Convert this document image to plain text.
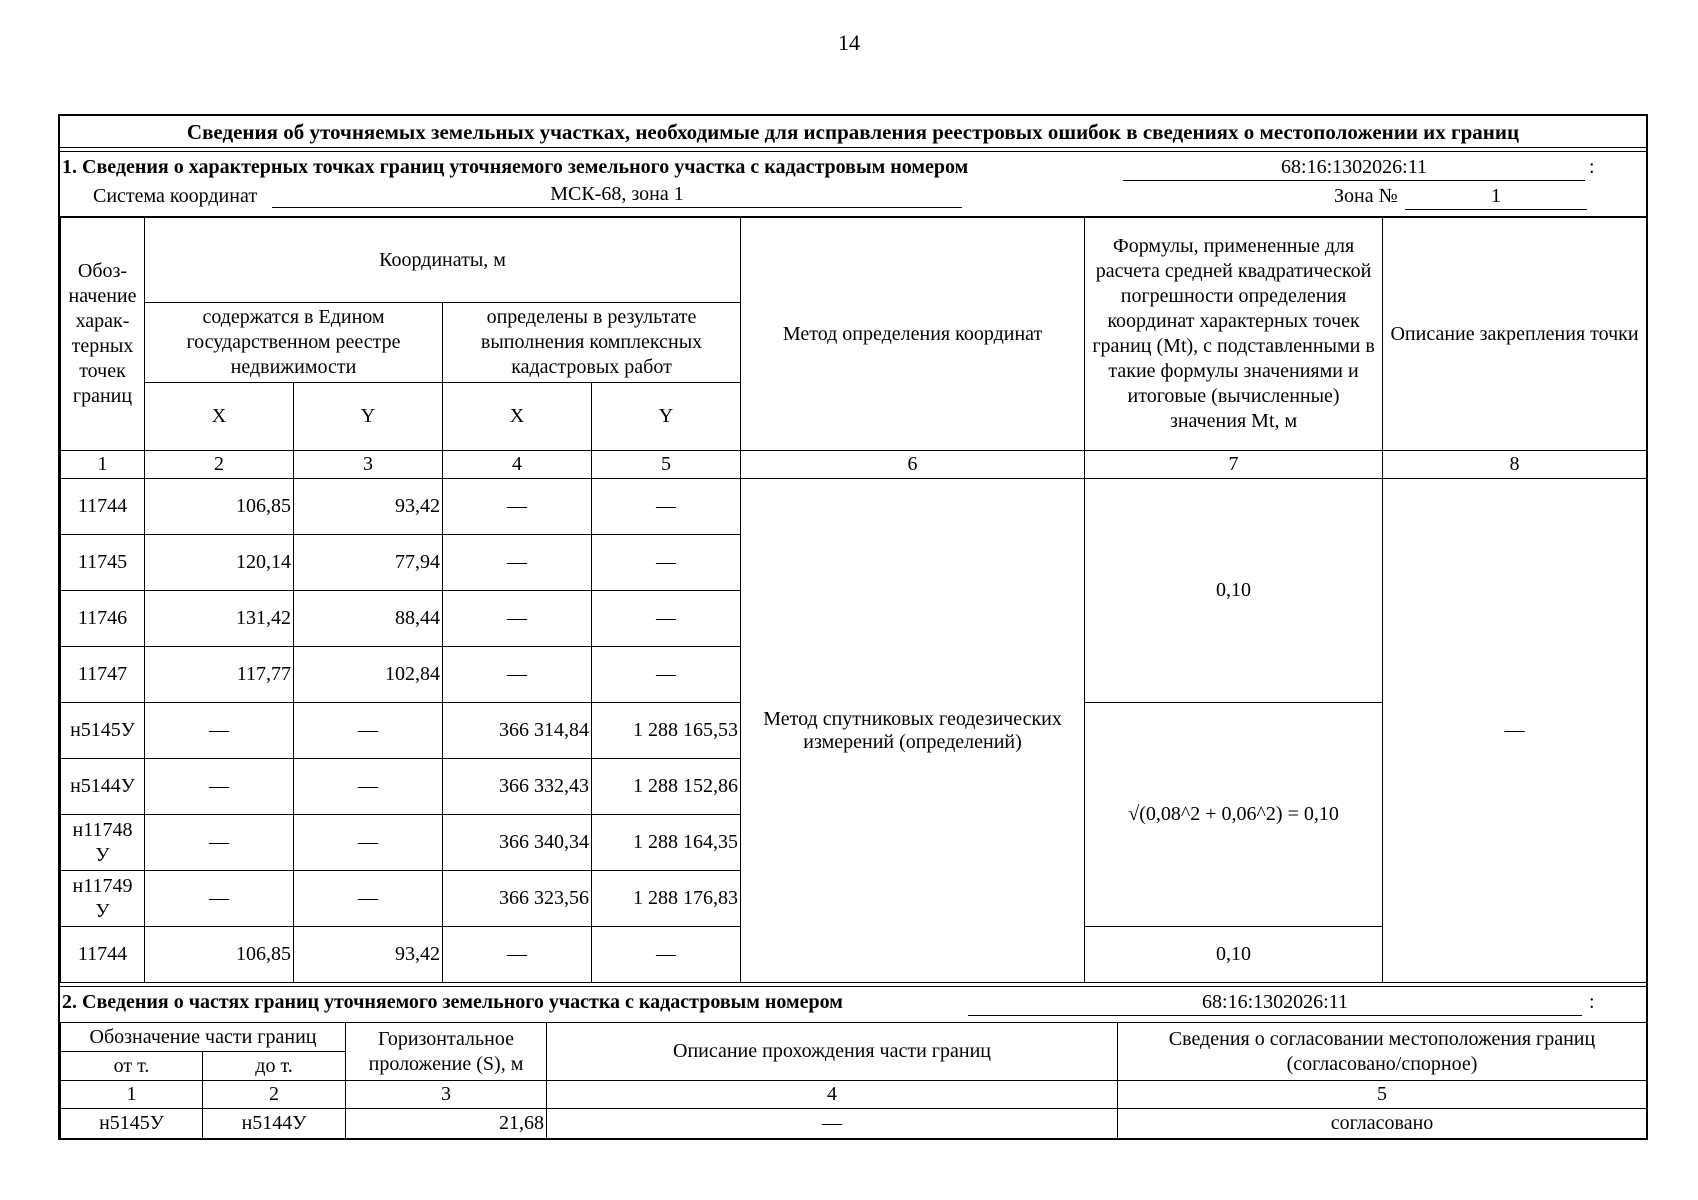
14
Сведения об уточняемых земельных участках, необходимые для исправления реестровых ошибок в сведениях о местоположении их границ
1. Сведения о характерных точках границ уточняемого земельного участка с кадастровым номером	68:16:1302026:11	:
Система координат	МСК-68, зона 1	Зона №	1
Обоз-начение харак-терных точек границ	Координаты, м				Метод определения координат	Формулы, примененные для расчета средней квадратической погрешности определения координат характерных точек границ (Mt), с подставленными в такие формулы значениями и итоговые (вычисленные) значения Mt, м	Описание закрепления точки
	содержатся в Едином государственном реестре недвижимости		определены в результате выполнения комплексных кадастровых работ				
	X	Y	X	Y			
1	2	3	4	5	6	7	8
11744	106,85	93,42	—	—	Метод спутниковых геодезических измерений (определений)	0,10	—
11745	120,14	77,94	—	—			
11746	131,42	88,44	—	—			
11747	117,77	102,84	—	—			
н5145У	—	—	366 314,84	1 288 165,53		√(0,08^2 + 0,06^2) = 0,10	
н5144У	—	—	366 332,43	1 288 152,86			
н11748 У	—	—	366 340,34	1 288 164,35			
н11749 У	—	—	366 323,56	1 288 176,83			
11744	106,85	93,42	—	—		0,10	
2. Сведения о частях границ уточняемого земельного участка с кадастровым номером	68:16:1302026:11	:
Обозначение части границ		Горизонтальное проложение (S), м	Описание прохождения части границ	Сведения о согласовании местоположения границ (согласовано/спорное)
от т.	до т.			
1	2	3	4	5
н5145У	н5144У	21,68	—	согласовано
